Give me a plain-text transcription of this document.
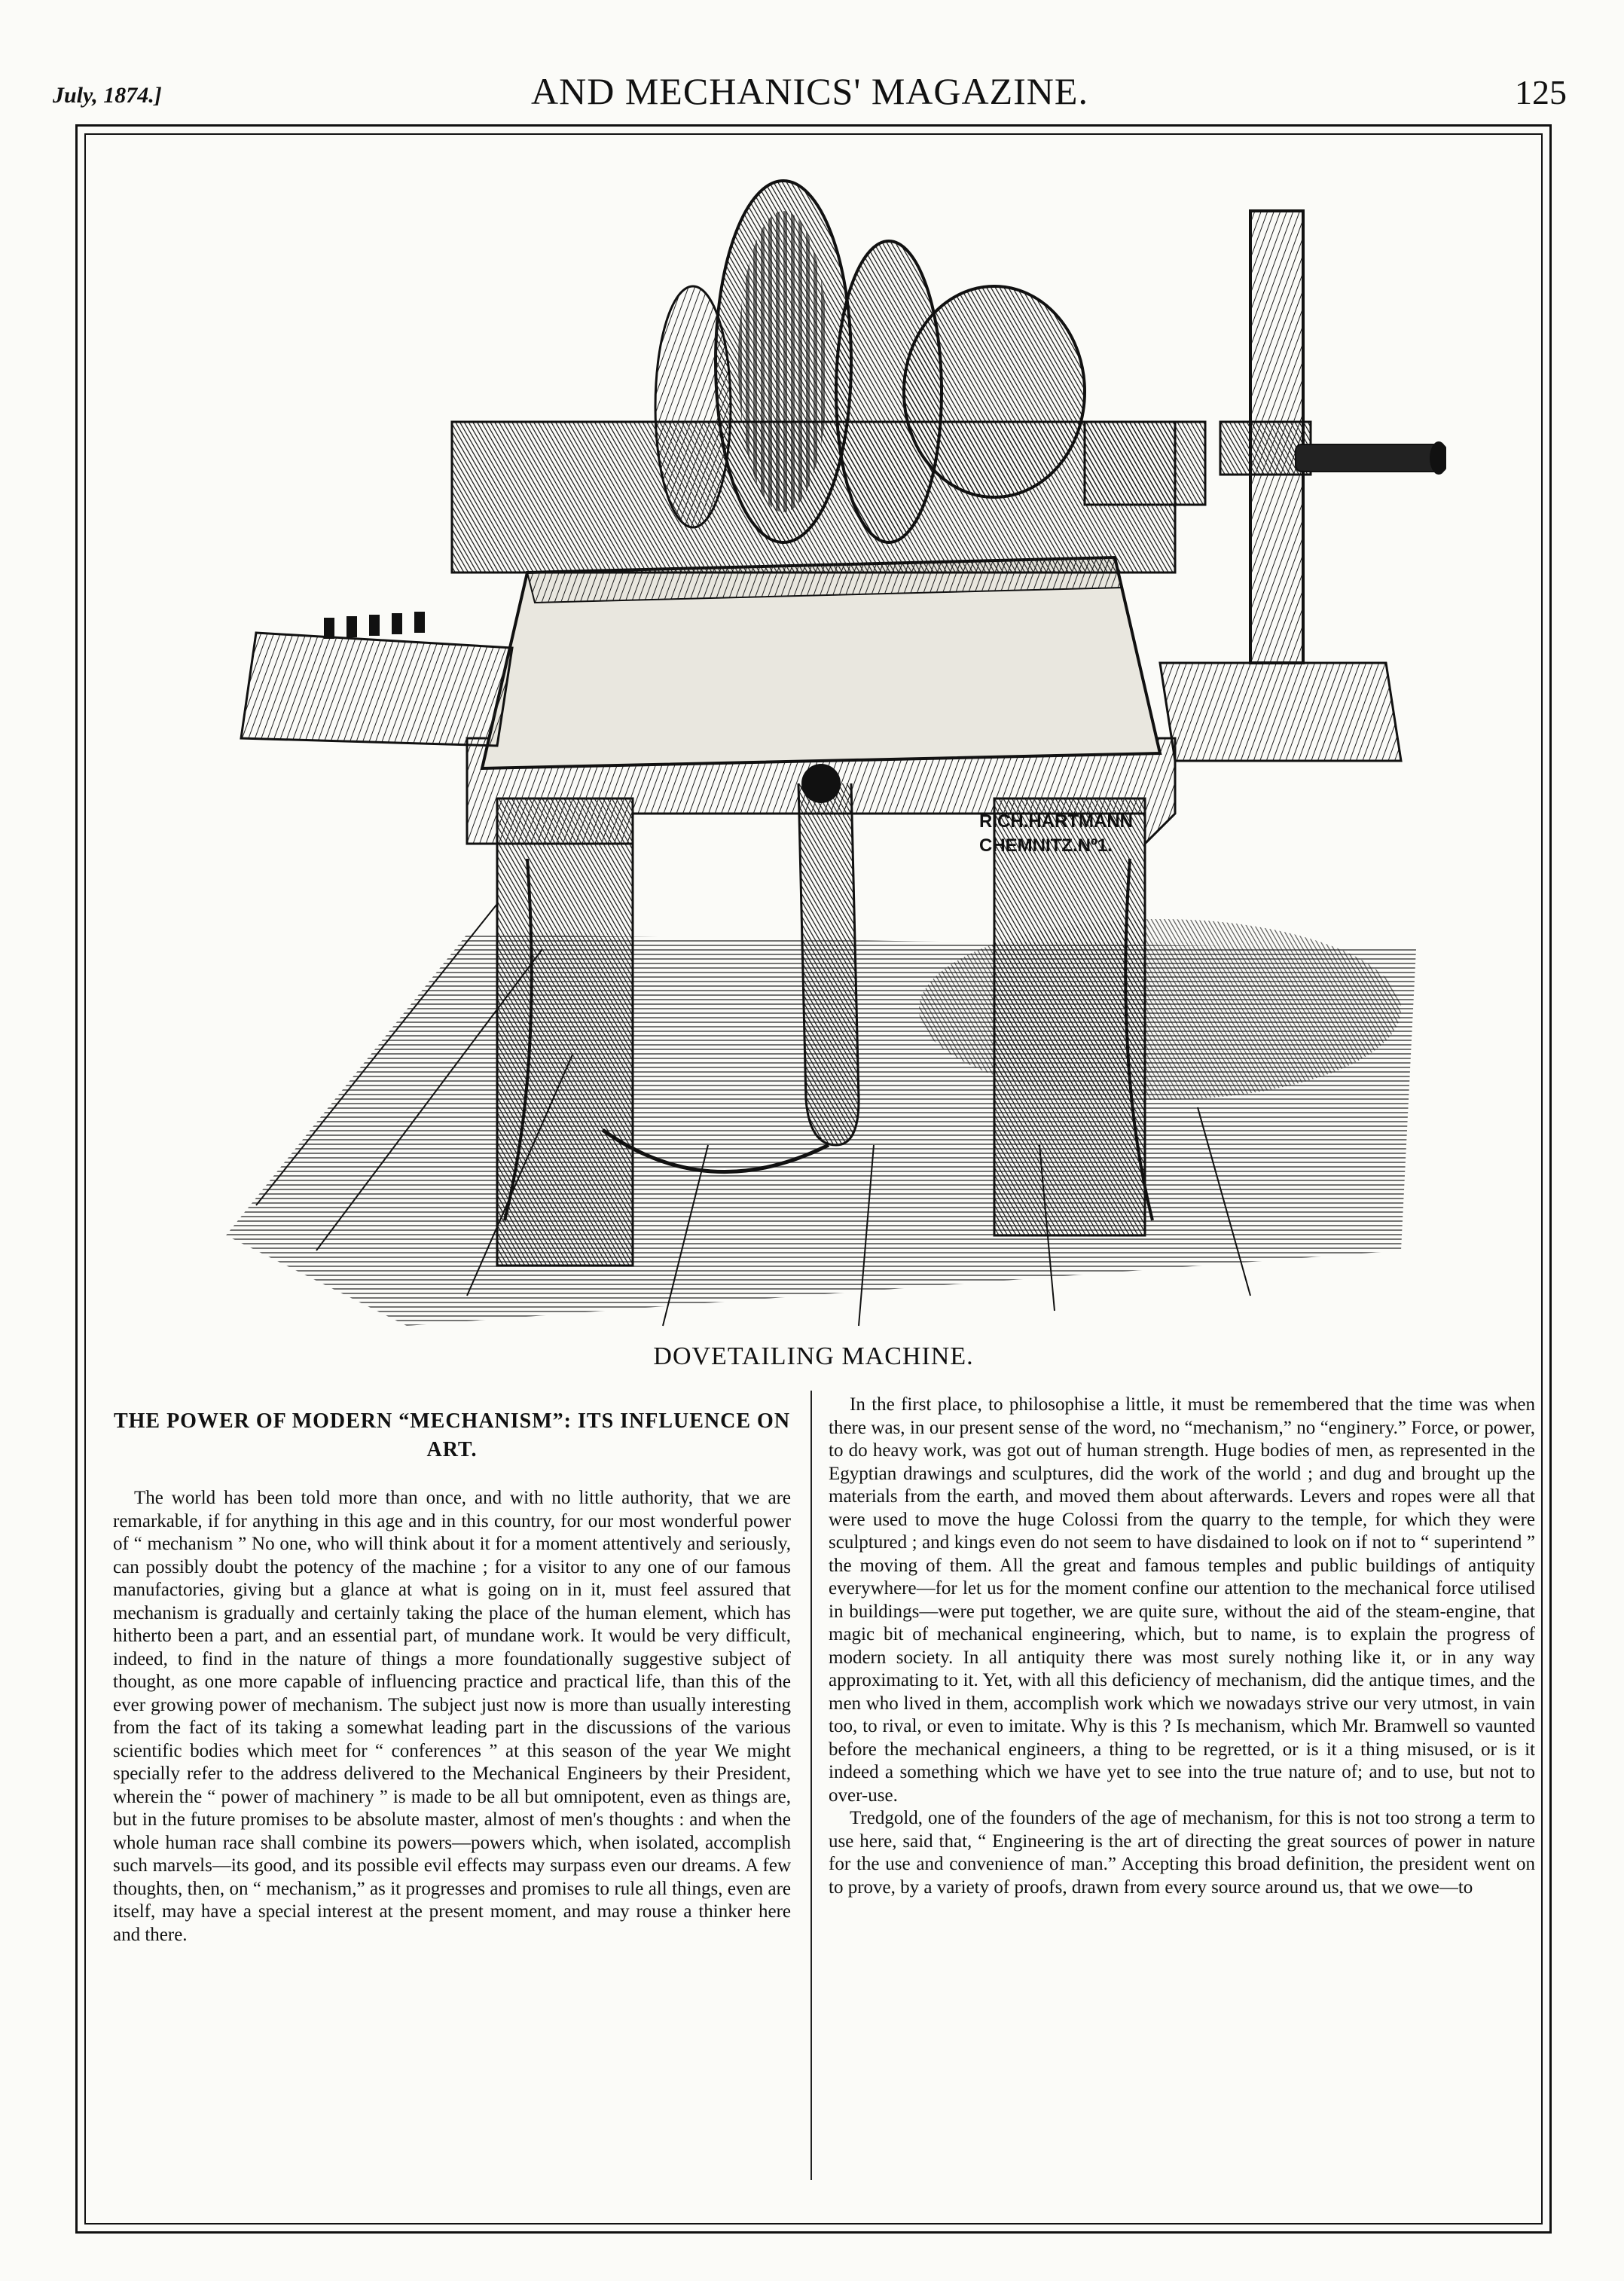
July, 1874.]	AND MECHANICS' MAGAZINE.	125
RICH.HARTMANN
CHEMNITZ.Nº1.
DOVETAILING MACHINE.
THE POWER OF MODERN “MECHANISM”: ITS INFLUENCE ON ART.

The world has been told more than once, and with no little authority, that we are remarkable, if for anything in this age and in this country, for our most wonderful power of “ mechanism ” No one, who will think about it for a moment attentively and seriously, can possibly doubt the potency of the machine ; for a visitor to any one of our famous manufactories, giving but a glance at what is going on in it, must feel assured that mechanism is gradually and certainly taking the place of the human element, which has hitherto been a part, and an essential part, of mundane work. It would be very difficult, indeed, to find in the nature of things a more foundationally suggestive subject of thought, as one more capable of influencing practice and practical life, than this of the ever growing power of mechanism. The subject just now is more than usually interesting from the fact of its taking a somewhat leading part in the discussions of the various scientific bodies which meet for “ conferences ” at this season of the year We might specially refer to the address delivered to the Mechanical Engineers by their President, wherein the “ power of machinery ” is made to be all but omnipotent, even as things are, but in the future promises to be absolute master, almost of men's thoughts : and when the whole human race shall combine its powers—powers which, when isolated, accomplish such marvels—its good, and its possible evil effects may surpass even our dreams. A few thoughts, then, on “ mechanism,” as it progresses and promises to rule all things, even are itself, may have a special interest at the present moment, and may rouse a thinker here and there.

In the first place, to philosophise a little, it must be remembered that the time was when there was, in our present sense of the word, no “mechanism,” no “enginery.” Force, or power, to do heavy work, was got out of human strength. Huge bodies of men, as represented in the Egyptian drawings and sculptures, did the work of the world ; and dug and brought up the materials from the earth, and moved them about afterwards. Levers and ropes were all that were used to move the huge Colossi from the quarry to the temple, for which they were sculptured ; and kings even do not seem to have disdained to look on if not to “ superintend ” the moving of them. All the great and famous temples and public buildings of antiquity everywhere—for let us for the moment confine our attention to the mechanical force utilised in buildings—were put together, we are quite sure, without the aid of the steam-engine, that magic bit of mechanical engineering, which, but to name, is to explain the progress of modern society. In all antiquity there was most surely nothing like it, or in any way approximating to it. Yet, with all this deficiency of mechanism, did the antique times, and the men who lived in them, accomplish work which we nowadays strive our very utmost, in vain too, to rival, or even to imitate. Why is this ? Is mechanism, which Mr. Bramwell so vaunted before the mechanical engineers, a thing to be regretted, or is it a thing misused, or is it indeed a something which we have yet to see into the true nature of; and to use, but not to over-use.

Tredgold, one of the founders of the age of mechanism, for this is not too strong a term to use here, said that, “ Engineering is the art of directing the great sources of power in nature for the use and convenience of man.” Accepting this broad definition, the president went on to prove, by a variety of proofs, drawn from every source around us, that we owe—to
